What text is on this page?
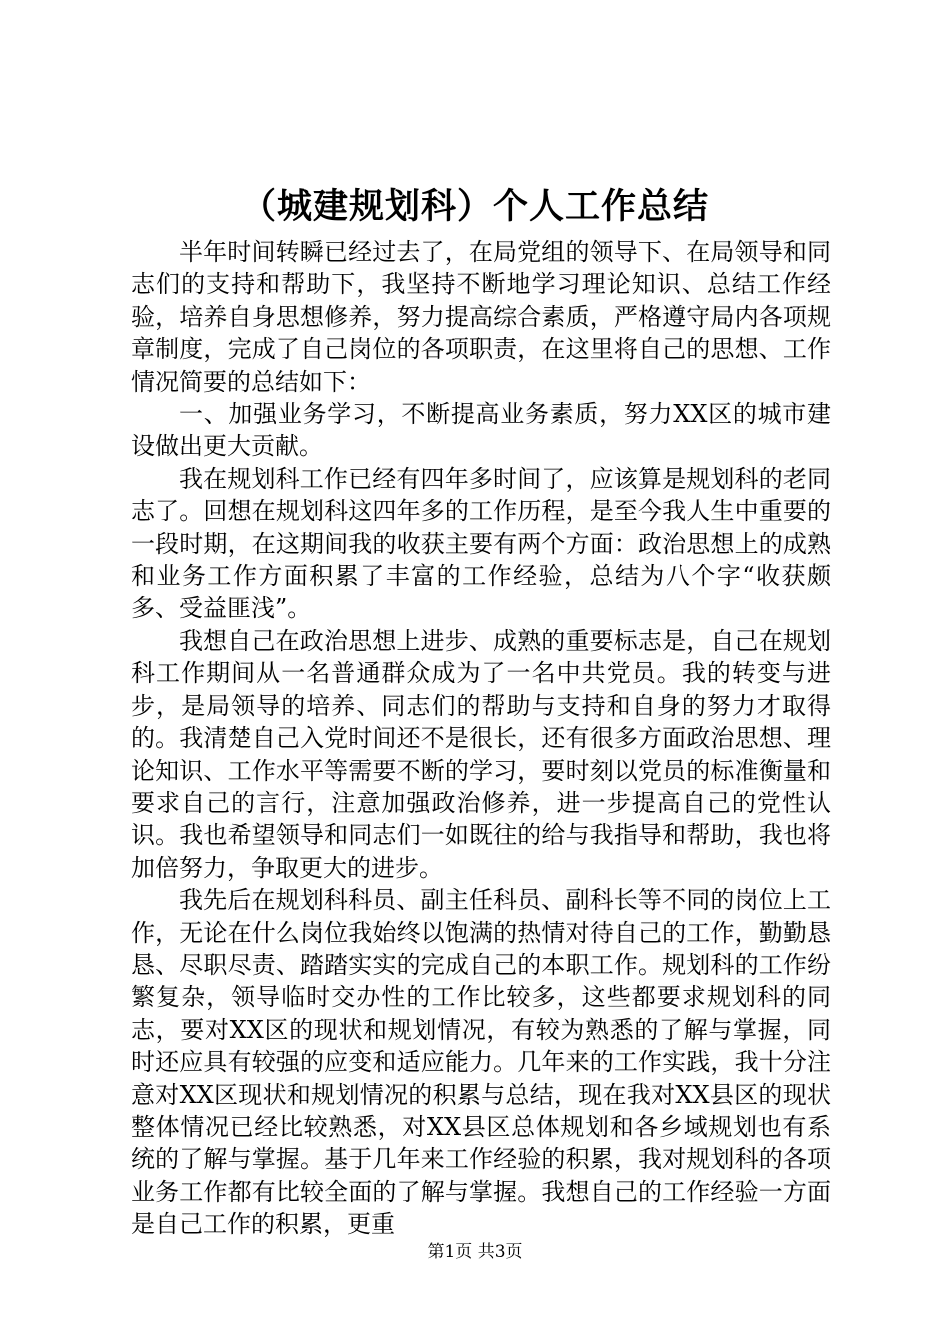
（城建规划科）个人工作总结

半年时间转瞬已经过去了，在局党组的领导下、在局领导和同志们的支持和帮助下，我坚持不断地学习理论知识、总结工作经验，培养自身思想修养，努力提高综合素质，严格遵守局内各项规章制度，完成了自己岗位的各项职责，在这里将自己的思想、工作情况简要的总结如下：

一、加强业务学习，不断提高业务素质，努力XX区的城市建设做出更大贡献。

我在规划科工作已经有四年多时间了，应该算是规划科的老同志了。回想在规划科这四年多的工作历程，是至今我人生中重要的一段时期，在这期间我的收获主要有两个方面：政治思想上的成熟和业务工作方面积累了丰富的工作经验，总结为八个字“收获颇多、受益匪浅”。

我想自己在政治思想上进步、成熟的重要标志是，自己在规划科工作期间从一名普通群众成为了一名中共党员。我的转变与进步，是局领导的培养、同志们的帮助与支持和自身的努力才取得的。我清楚自己入党时间还不是很长，还有很多方面政治思想、理论知识、工作水平等需要不断的学习，要时刻以党员的标准衡量和要求自己的言行，注意加强政治修养，进一步提高自己的党性认识。我也希望领导和同志们一如既往的给与我指导和帮助，我也将加倍努力，争取更大的进步。

我先后在规划科科员、副主任科员、副科长等不同的岗位上工作，无论在什么岗位我始终以饱满的热情对待自己的工作，勤勤恳恳、尽职尽责、踏踏实实的完成自己的本职工作。规划科的工作纷繁复杂，领导临时交办性的工作比较多，这些都要求规划科的同志，要对XX区的现状和规划情况，有较为熟悉的了解与掌握，同时还应具有较强的应变和适应能力。几年来的工作实践，我十分注意对XX区现状和规划情况的积累与总结，现在我对XX县区的现状整体情况已经比较熟悉，对XX县区总体规划和各乡域规划也有系统的了解与掌握。基于几年来工作经验的积累，我对规划科的各项业务工作都有比较全面的了解与掌握。我想自己的工作经验一方面是自己工作的积累，更重

第1页 共3页
